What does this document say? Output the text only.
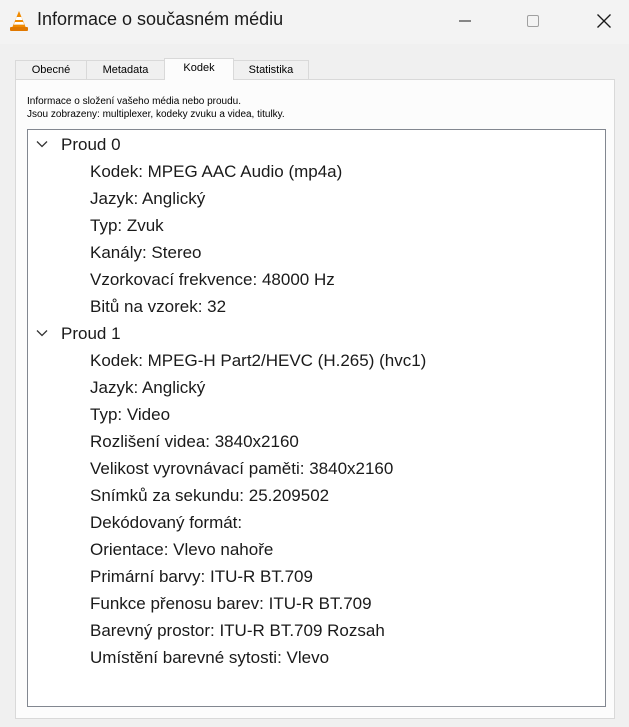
Informace o současném médiu
Obecné	Metadata	Kodek	Statistika
Informace o složení vašeho média nebo proudu.
Jsou zobrazeny: multiplexer, kodeky zvuku a videa, titulky.
Proud 0
Kodek: MPEG AAC Audio (mp4a)
Jazyk: Anglický
Typ: Zvuk
Kanály: Stereo
Vzorkovací frekvence: 48000 Hz
Bitů na vzorek: 32
Proud 1
Kodek: MPEG-H Part2/HEVC (H.265) (hvc1)
Jazyk: Anglický
Typ: Video
Rozlišení videa: 3840x2160
Velikost vyrovnávací paměti: 3840x2160
Snímků za sekundu: 25.209502
Dekódovaný formát:
Orientace: Vlevo nahoře
Primární barvy: ITU-R BT.709
Funkce přenosu barev: ITU-R BT.709
Barevný prostor: ITU-R BT.709 Rozsah
Umístění barevné sytosti: Vlevo
